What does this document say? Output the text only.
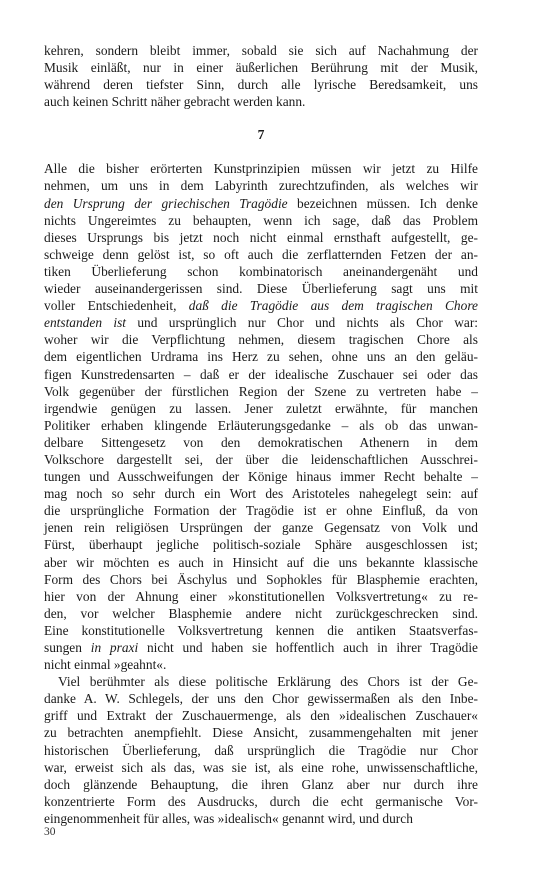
kehren, sondern bleibt immer, sobald sie sich auf Nachahmung der
Musik einläßt, nur in einer äußerlichen Berührung mit der Musik,
während deren tiefster Sinn, durch alle lyrische Beredsamkeit, uns
auch keinen Schritt näher gebracht werden kann.
7
Alle die bisher erörterten Kunstprinzipien müssen wir jetzt zu Hilfe
nehmen, um uns in dem Labyrinth zurechtzufinden, als welches wir
den Ursprung der griechischen Tragödie bezeichnen müssen. Ich denke
nichts Ungereimtes zu behaupten, wenn ich sage, daß das Problem
dieses Ursprungs bis jetzt noch nicht einmal ernsthaft aufgestellt, ge-
schweige denn gelöst ist, so oft auch die zerflatternden Fetzen der an-
tiken Überlieferung schon kombinatorisch aneinandergenäht und
wieder auseinandergerissen sind. Diese Überlieferung sagt uns mit
voller Entschiedenheit, daß die Tragödie aus dem tragischen Chore
entstanden ist und ursprünglich nur Chor und nichts als Chor war:
woher wir die Verpflichtung nehmen, diesem tragischen Chore als
dem eigentlichen Urdrama ins Herz zu sehen, ohne uns an den geläu-
figen Kunstredensarten – daß er der idealische Zuschauer sei oder das
Volk gegenüber der fürstlichen Region der Szene zu vertreten habe –
irgendwie genügen zu lassen. Jener zuletzt erwähnte, für manchen
Politiker erhaben klingende Erläuterungsgedanke – als ob das unwan-
delbare Sittengesetz von den demokratischen Athenern in dem
Volkschore dargestellt sei, der über die leidenschaftlichen Ausschrei-
tungen und Ausschweifungen der Könige hinaus immer Recht behalte –
mag noch so sehr durch ein Wort des Aristoteles nahegelegt sein: auf
die ursprüngliche Formation der Tragödie ist er ohne Einfluß, da von
jenen rein religiösen Ursprüngen der ganze Gegensatz von Volk und
Fürst, überhaupt jegliche politisch-soziale Sphäre ausgeschlossen ist;
aber wir möchten es auch in Hinsicht auf die uns bekannte klassische
Form des Chors bei Äschylus und Sophokles für Blasphemie erachten,
hier von der Ahnung einer »konstitutionellen Volksvertretung« zu re-
den, vor welcher Blasphemie andere nicht zurückgeschrecken sind.
Eine konstitutionelle Volksvertretung kennen die antiken Staatsverfas-
sungen in praxi nicht und haben sie hoffentlich auch in ihrer Tragödie
nicht einmal »geahnt«.
Viel berühmter als diese politische Erklärung des Chors ist der Ge-
danke A. W. Schlegels, der uns den Chor gewissermaßen als den Inbe-
griff und Extrakt der Zuschauermenge, als den »idealischen Zuschauer«
zu betrachten anempfiehlt. Diese Ansicht, zusammengehalten mit jener
historischen Überlieferung, daß ursprünglich die Tragödie nur Chor
war, erweist sich als das, was sie ist, als eine rohe, unwissenschaftliche,
doch glänzende Behauptung, die ihren Glanz aber nur durch ihre
konzentrierte Form des Ausdrucks, durch die echt germanische Vor-
eingenommenheit für alles, was »idealisch« genannt wird, und durch
30
